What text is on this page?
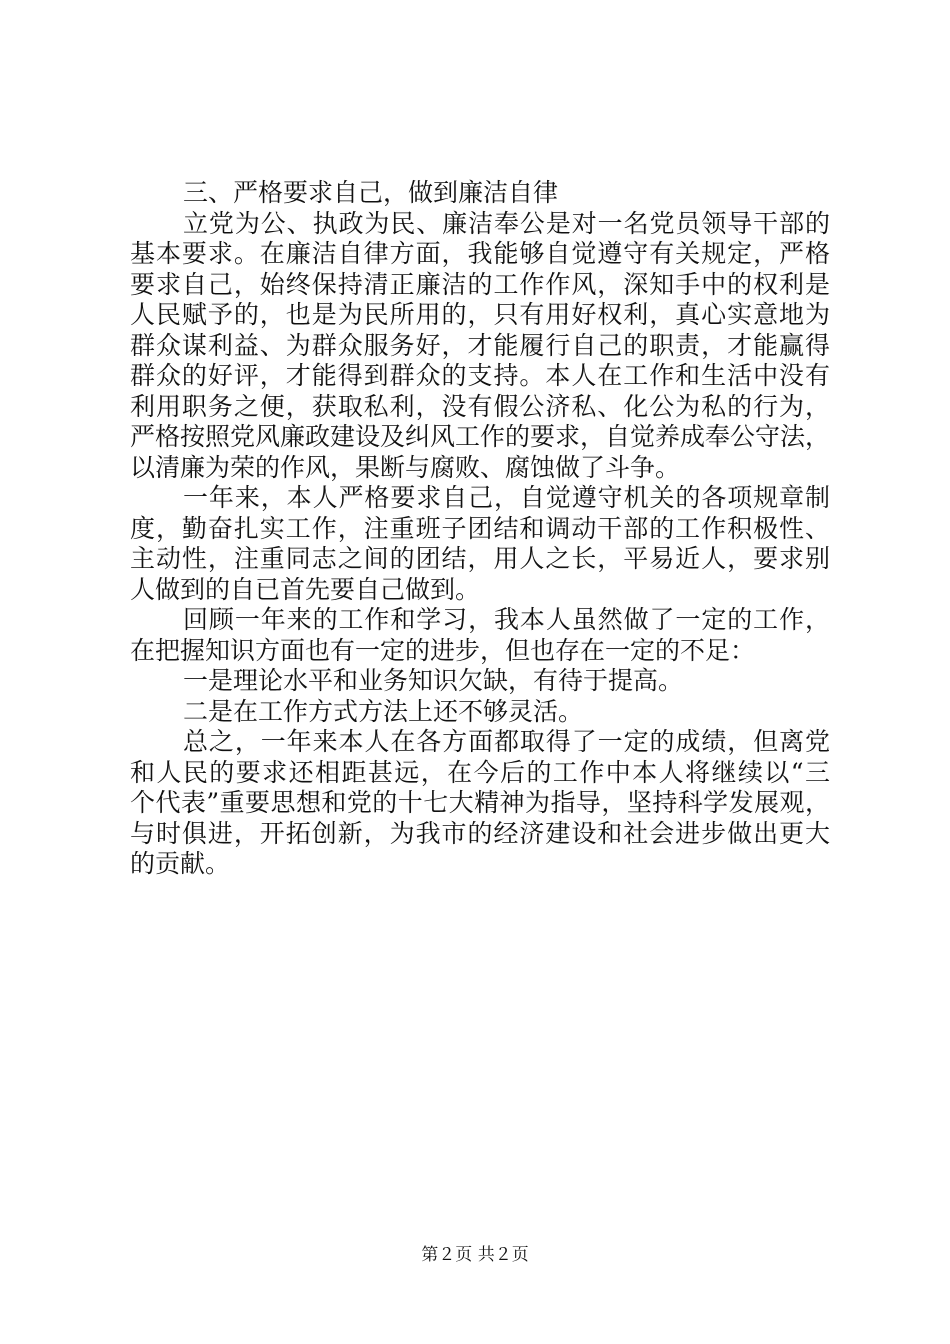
三、严格要求自己，做到廉洁自律
立党为公、执政为民、廉洁奉公是对一名党员领导干部的
基本要求。在廉洁自律方面，我能够自觉遵守有关规定，严格
要求自己，始终保持清正廉洁的工作作风，深知手中的权利是
人民赋予的，也是为民所用的，只有用好权利，真心实意地为
群众谋利益、为群众服务好，才能履行自己的职责，才能赢得
群众的好评，才能得到群众的支持。本人在工作和生活中没有
利用职务之便，获取私利，没有假公济私、化公为私的行为，
严格按照党风廉政建设及纠风工作的要求，自觉养成奉公守法，
以清廉为荣的作风，果断与腐败、腐蚀做了斗争。
一年来，本人严格要求自己，自觉遵守机关的各项规章制
度，勤奋扎实工作，注重班子团结和调动干部的工作积极性、
主动性，注重同志之间的团结，用人之长，平易近人，要求别
人做到的自已首先要自己做到。
回顾一年来的工作和学习，我本人虽然做了一定的工作，
在把握知识方面也有一定的进步，但也存在一定的不足：
一是理论水平和业务知识欠缺，有待于提高。
二是在工作方式方法上还不够灵活。
总之，一年来本人在各方面都取得了一定的成绩，但离党
和人民的要求还相距甚远，在今后的工作中本人将继续以“三
个代表”重要思想和党的十七大精神为指导，坚持科学发展观，
与时俱进，开拓创新，为我市的经济建设和社会进步做出更大
的贡献。
第２页 共２页
